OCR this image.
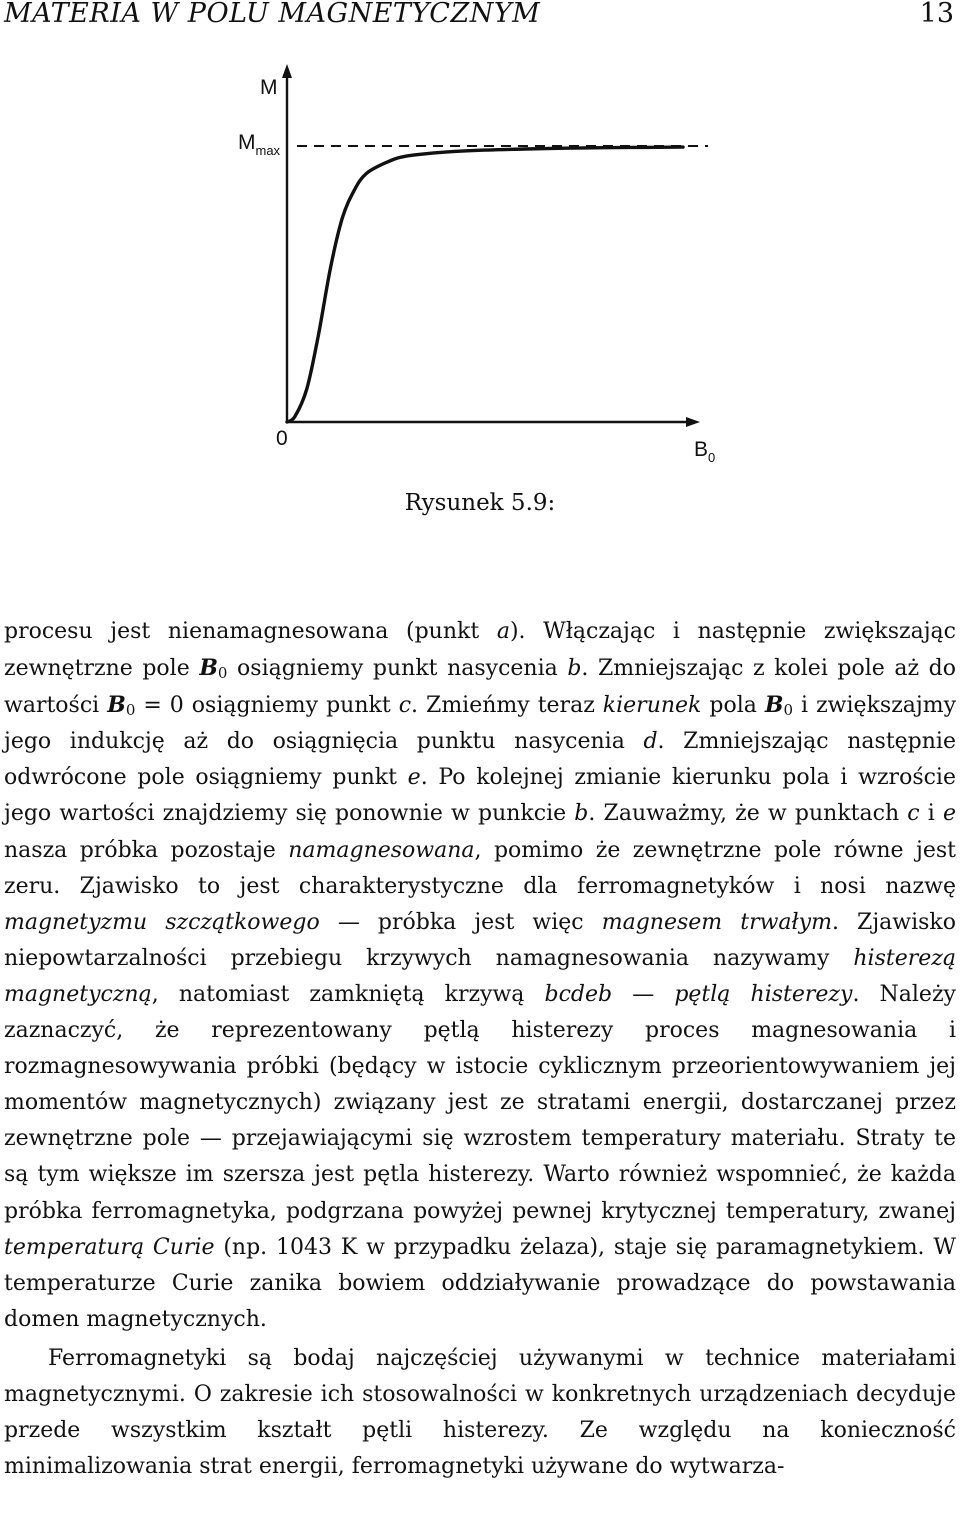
MATERIA W POLU MAGNETYCZNYM	13
M
$M_{max}$
0	$B_0$
Rysunek 5.9:

procesu jest nienamagnesowana (punkt a). Włączając i następnie zwiększając zewnętrzne pole $B_0$ osiągniemy punkt nasycenia b. Zmniejszając z kolei pole aż do wartości $B_0 = 0$ osiągniemy punkt c. Zmieńmy teraz kierunek pola $B_0$ i zwiększajmy jego indukcję aż do osiągnięcia punktu nasycenia d. Zmniejszając następnie odwrócone pole osiągniemy punkt e. Po kolejnej zmianie kierunku pola i wzroście jego wartości znajdziemy się ponownie w punkcie b. Zauważmy, że w punktach c i e nasza próbka pozostaje namagnesowana, pomimo że zewnętrzne pole równe jest zeru. Zjawisko to jest charakterystyczne dla ferromagnetyków i nosi nazwę magnetyzmu szczątkowego — próbka jest więc magnesem trwałym. Zjawisko niepowtarzalności przebiegu krzywych namagnesowania nazywamy histerezą magnetyczną, natomiast zamkniętą krzywą bcdeb — pętlą histerezy. Należy zaznaczyć, że reprezentowany pętlą histerezy proces magnesowania i rozmagnesowywania próbki (będący w istocie cyklicznym przeorientowywaniem jej momentów magnetycznych) związany jest ze stratami energii, dostarczanej przez zewnętrzne pole — przejawiającymi się wzrostem temperatury materiału. Straty te są tym większe im szersza jest pętla histerezy. Warto również wspomnieć, że każda próbka ferromagnetyka, podgrzana powyżej pewnej krytycznej temperatury, zwanej temperaturą Curie (np. 1043 K w przypadku żelaza), staje się paramagnetykiem. W temperaturze Curie zanika bowiem oddziaływanie prowadzące do powstawania domen magnetycznych.

Ferromagnetyki są bodaj najczęściej używanymi w technice materiałami magnetycznymi. O zakresie ich stosowalności w konkretnych urządzeniach decyduje przede wszystkim kształt pętli histerezy. Ze względu na konieczność minimalizowania strat energii, ferromagnetyki używane do wytwarza-
